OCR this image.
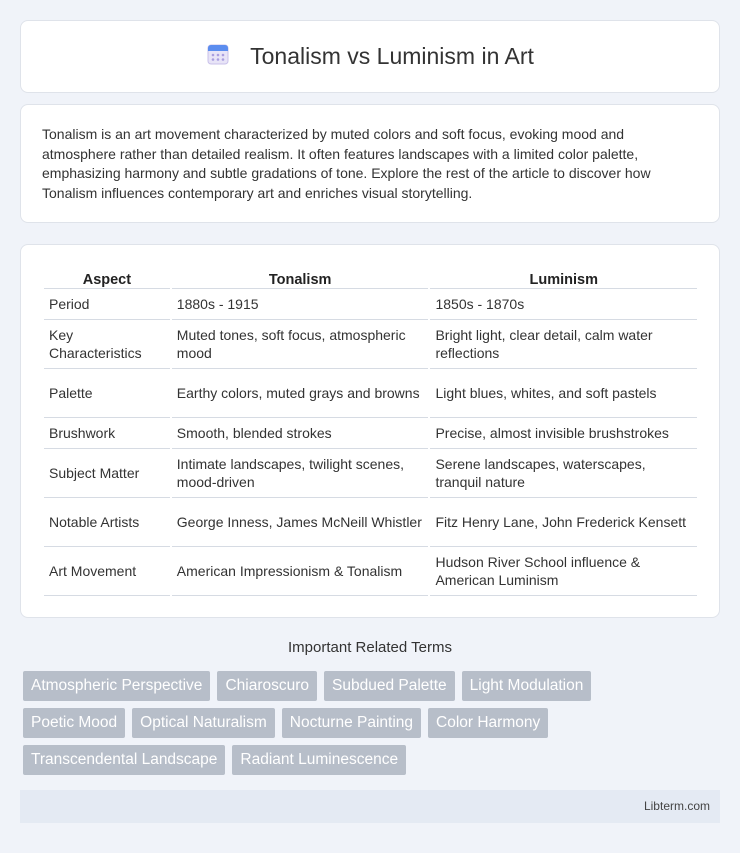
Tonalism vs Luminism in Art

Tonalism is an art movement characterized by muted colors and soft focus, evoking mood and atmosphere rather than detailed realism. It often features landscapes with a limited color palette, emphasizing harmony and subtle gradations of tone. Explore the rest of the article to discover how Tonalism influences contemporary art and enriches visual storytelling.

Aspect	Tonalism	Luminism
Period	1880s - 1915	1850s - 1870s
Key Characteristics	Muted tones, soft focus, atmospheric mood	Bright light, clear detail, calm water reflections
Palette	Earthy colors, muted grays and browns	Light blues, whites, and soft pastels
Brushwork	Smooth, blended strokes	Precise, almost invisible brushstrokes
Subject Matter	Intimate landscapes, twilight scenes, mood-driven	Serene landscapes, waterscapes, tranquil nature
Notable Artists	George Inness, James McNeill Whistler	Fitz Henry Lane, John Frederick Kensett
Art Movement	American Impressionism & Tonalism	Hudson River School influence & American Luminism
Important Related Terms
Atmospheric Perspective	Chiaroscuro	Subdued Palette	Light Modulation
Poetic Mood	Optical Naturalism	Nocturne Painting	Color Harmony
Transcendental Landscape	Radiant Luminescence
Libterm.com
